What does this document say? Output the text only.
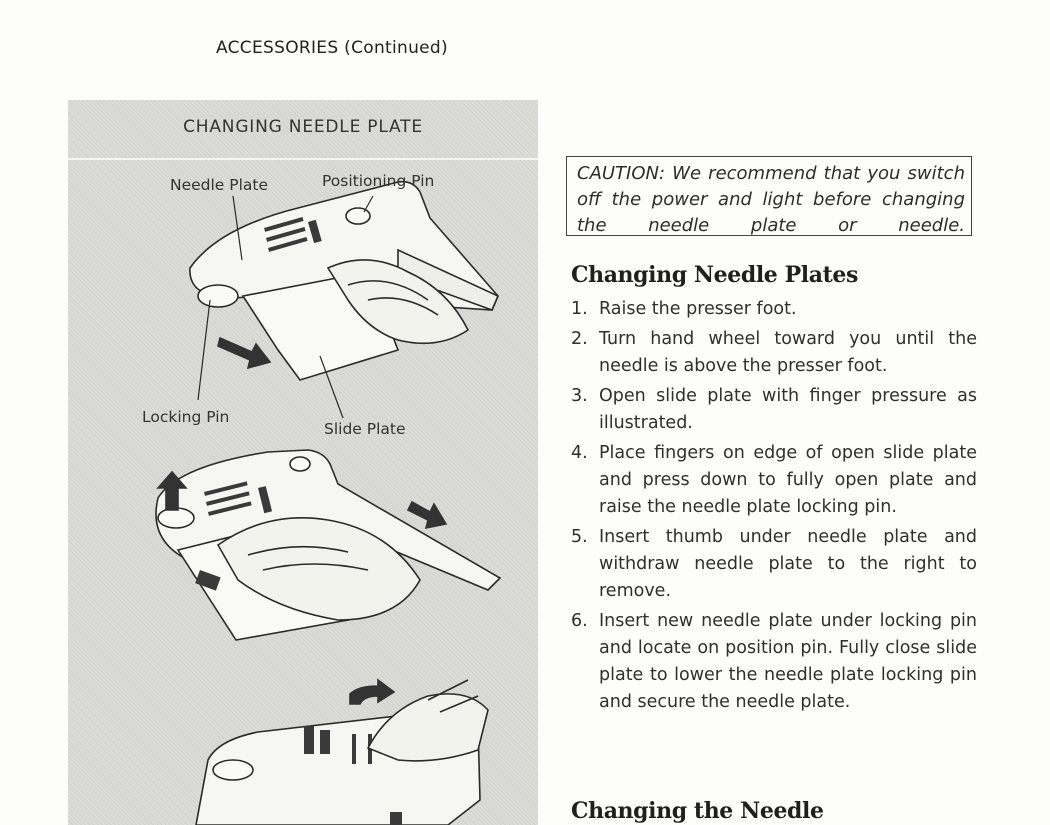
ACCESSORIES (Continued)
CHANGING NEEDLE PLATE
Needle Plate	Positioning Pin
Locking Pin
Slide Plate
CAUTION: We recommend that you switch off the power and light before changing the needle plate or needle.
Changing Needle Plates
1. Raise the presser foot.
2. Turn hand wheel toward you until the needle is above the presser foot.
3. Open slide plate with finger pressure as illustrated.
4. Place fingers on edge of open slide plate and press down to fully open plate and raise the needle plate locking pin.
5. Insert thumb under needle plate and withdraw needle plate to the right to remove.
6. Insert new needle plate under locking pin and locate on position pin. Fully close slide plate to lower the needle plate locking pin and secure the needle plate.
Changing the Needle
